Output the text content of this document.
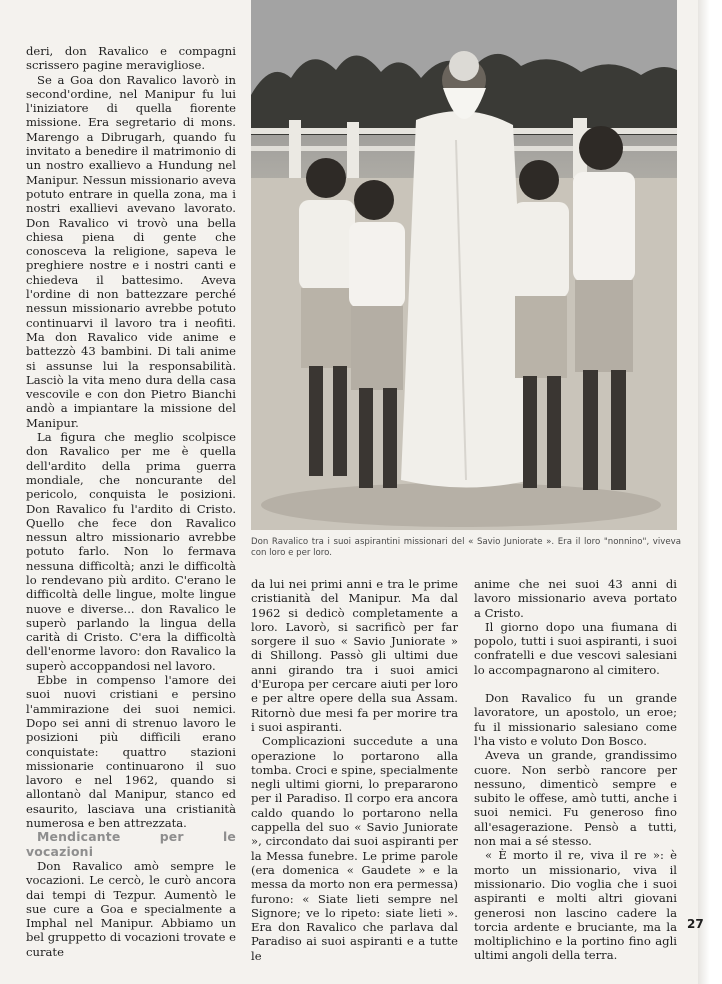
deri, don Ravalico e compagni scrissero pagine meravigliose.

Se a Goa don Ravalico lavorò in second'ordine, nel Manipur fu lui l'iniziatore di quella fiorente missione. Era segretario di mons. Marengo a Dibrugarh, quando fu invitato a benedire il matrimonio di un nostro exallievo a Hundung nel Manipur. Nessun missionario aveva potuto entrare in quella zona, ma i nostri exallievi avevano lavorato. Don Ravalico vi trovò una bella chiesa piena di gente che conosceva la religione, sapeva le preghiere nostre e i nostri canti e chiedeva il battesimo. Aveva l'ordine di non battezzare perché nessun missionario avrebbe potuto continuarvi il lavoro tra i neofiti. Ma don Ravalico vide anime e battezzò 43 bambini. Di tali anime si assunse lui la responsabilità. Lasciò la vita meno dura della casa vescovile e con don Pietro Bianchi andò a impiantare la missione del Manipur.

La figura che meglio scolpisce don Ravalico per me è quella dell'ardito della prima guerra mondiale, che noncurante del pericolo, conquista le posizioni. Don Ravalico fu l'ardito di Cristo. Quello che fece don Ravalico nessun altro missionario avrebbe potuto farlo. Non lo fermava nessuna difficoltà; anzi le difficoltà lo rendevano più ardito. C'erano le difficoltà delle lingue, molte lingue nuove e diverse... don Ravalico le superò parlando la lingua della carità di Cristo. C'era la difficoltà dell'enorme lavoro: don Ravalico la superò accoppandosi nel lavoro.

Ebbe in compenso l'amore dei suoi nuovi cristiani e persino l'ammirazione dei suoi nemici. Dopo sei anni di strenuo lavoro le posizioni più difficili erano conquistate: quattro stazioni missionarie continuarono il suo lavoro e nel 1962, quando si allontanò dal Manipur, stanco ed esaurito, lasciava una cristianità numerosa e ben attrezzata.

Mendicante per le vocazioni

Don Ravalico amò sempre le vocazioni. Le cercò, le curò ancora dai tempi di Tezpur. Aumentò le sue cure a Goa e specialmente a Imphal nel Manipur. Abbiamo un bel gruppetto di vocazioni trovate e curate

Don Ravalico tra i suoi aspirantini missionari del « Savio Juniorate ». Era il loro "nonnino", viveva con loro e per loro.

da lui nei primi anni e tra le prime cristianità del Manipur. Ma dal 1962 si dedicò completamente a loro. Lavorò, si sacrificò per far sorgere il suo « Savio Juniorate » di Shillong. Passò gli ultimi due anni girando tra i suoi amici d'Europa per cercare aiuti per loro e per altre opere della sua Assam. Ritornò due mesi fa per morire tra i suoi aspiranti.

Complicazioni succedute a una operazione lo portarono alla tomba. Croci e spine, specialmente negli ultimi giorni, lo prepararono per il Paradiso. Il corpo era ancora caldo quando lo portarono nella cappella del suo « Savio Juniorate », circondato dai suoi aspiranti per la Messa funebre. Le prime parole (era domenica « Gaudete » e la messa da morto non era permessa) furono: « Siate lieti sempre nel Signore; ve lo ripeto: siate lieti ». Era don Ravalico che parlava dal Paradiso ai suoi aspiranti e a tutte le

anime che nei suoi 43 anni di lavoro missionario aveva portato a Cristo.

Il giorno dopo una fiumana di popolo, tutti i suoi aspiranti, i suoi confratelli e due vescovi salesiani lo accompagnarono al cimitero.

Don Ravalico fu un grande lavoratore, un apostolo, un eroe; fu il missionario salesiano come l'ha visto e voluto Don Bosco.

Aveva un grande, grandissimo cuore. Non serbò rancore per nessuno, dimenticò sempre e subito le offese, amò tutti, anche i suoi nemici. Fu generoso fino all'esagerazione. Pensò a tutti, non mai a sé stesso.

« È morto il re, viva il re »: è morto un missionario, viva il missionario. Dio voglia che i suoi aspiranti e molti altri giovani generosi non lascino cadere la torcia ardente e bruciante, ma la moltiplichino e la portino fino agli ultimi angoli della terra.

27
